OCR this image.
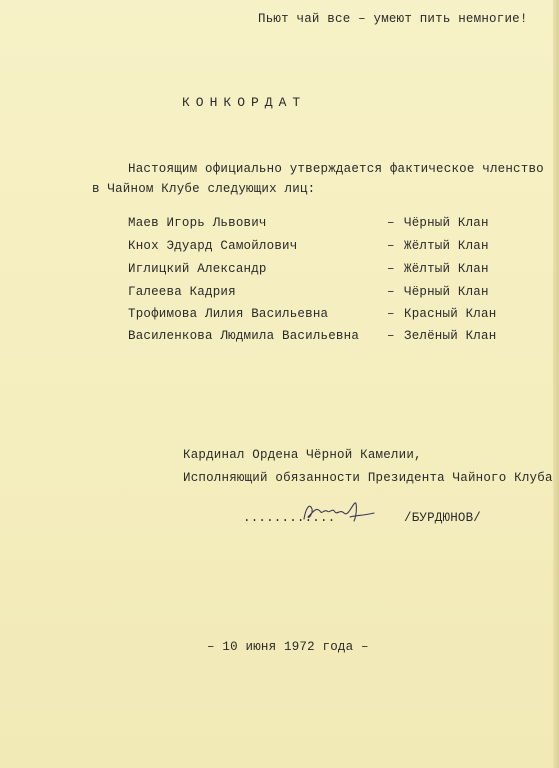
Пьют чай все – умеют пить немногие!
КОНКОРДАТ
Настоящим официально утверждается фактическое членство
в Чайном Клубе следующих лиц:
Маев Игорь Львович	– Чёрный Клан
Кнох Эдуард Самойлович	– Жёлтый Клан
Иглицкий Александр	– Жёлтый Клан
Галеева Кадрия	– Чёрный Клан
Трофимова Лилия Васильевна	– Красный Клан
Василенкова Людмила Васильевна – Зелёный Клан
Кардинал Ордена Чёрной Камелии,
Исполняющий обязанности Президента Чайного Клуба
............	/БУРДЮНОВ/
– 10 июня 1972 года –
